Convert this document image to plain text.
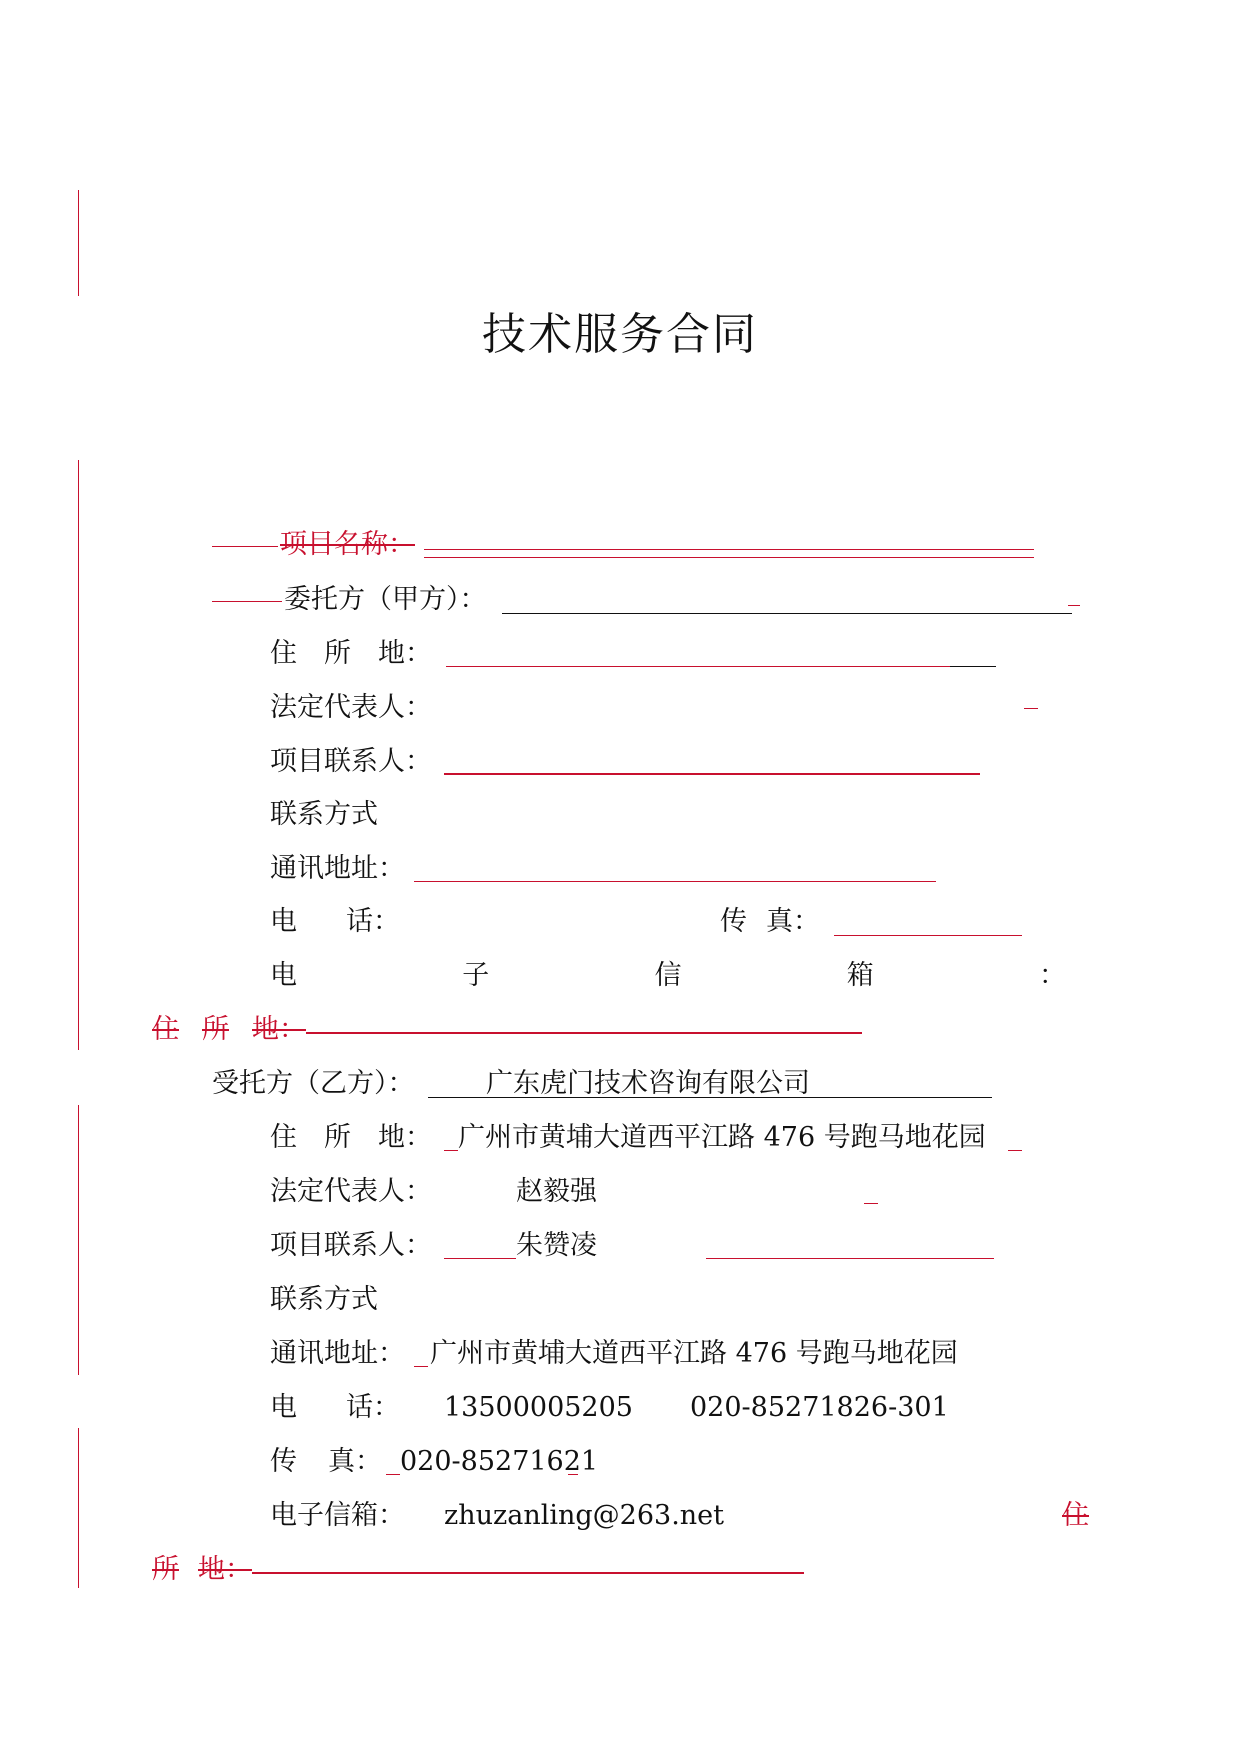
技术服务合同
项目名称：
委托方（甲方）：
住 所 地：
法定代表人：
项目联系人：
联系方式
通讯地址：
电 话：	传 真：
电	子	信	箱	：
住 所 地：
受托方（乙方）：	广东虎门技术咨询有限公司
住 所 地： 广州市黄埔大道西平江路 476 号跑马地花园
法定代表人：	赵毅强
项目联系人：	朱赞凌
联系方式
通讯地址： 广州市黄埔大道西平江路 476 号跑马地花园
电 话： 13500005205 020-85271826-301
传 真： 020-85271621
电子信箱： zhuzanling@263.net	住
所 地：
